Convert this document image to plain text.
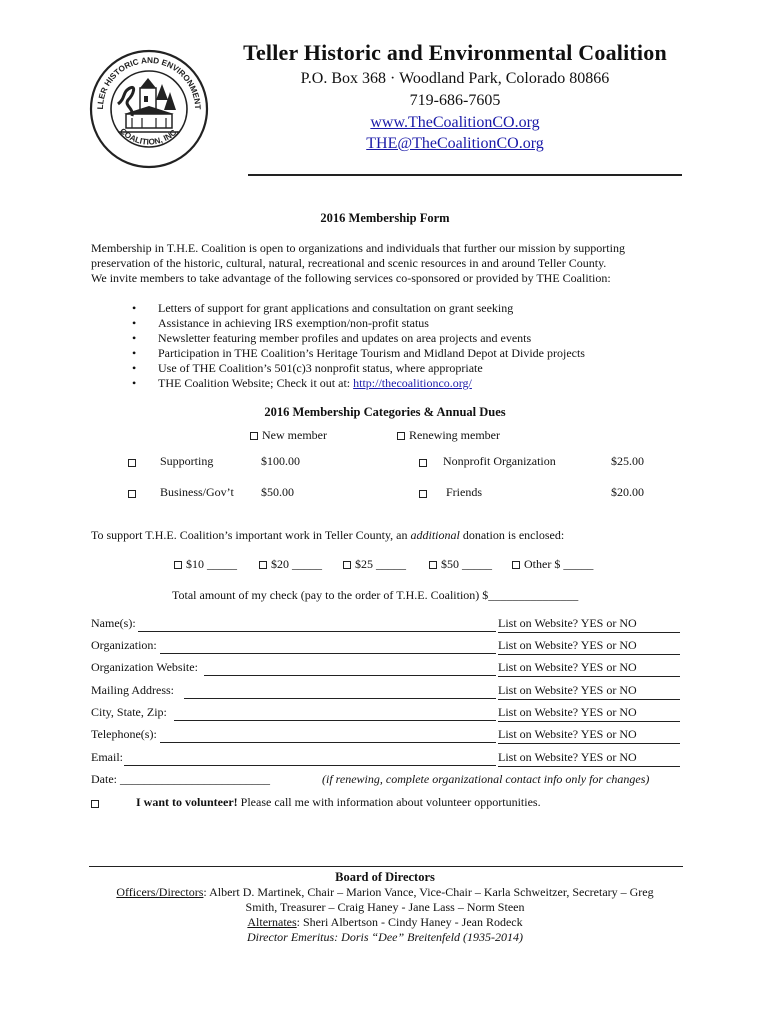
LLER HISTORIC AND ENVIRONMENT
COALITION, INC.
Teller Historic and Environmental Coalition
P.O. Box 368 · Woodland Park, Colorado 80866
719-686-7605
www.TheCoalitionCO.org
THE@TheCoalitionCO.org
2016 Membership Form
Membership in T.H.E. Coalition is open to organizations and individuals that further our mission by supporting
preservation of the historic, cultural, natural, recreational and scenic resources in and around Teller County.
We invite members to take advantage of the following services co-sponsored or provided by THE Coalition:
•	Letters of support for grant applications and consultation on grant seeking
•	Assistance in achieving IRS exemption/non-profit status
•	Newsletter featuring member profiles and updates on area projects and events
•	Participation in THE Coalition’s Heritage Tourism and Midland Depot at Divide projects
•	Use of THE Coalition’s 501(c)3 nonprofit status, where appropriate
•	THE Coalition Website; Check it out at: http://thecoalitionco.org/
2016 Membership Categories & Annual Dues
New member	Renewing member
Supporting	$100.00	Nonprofit Organization	$25.00
Business/Gov’t $50.00	Friends	$20.00
To support T.H.E. Coalition’s important work in Teller County, an additional donation is enclosed:
$10 _____	$20 _____	$25 _____	$50 _____	Other $ _____
Total amount of my check (pay to the order of T.H.E. Coalition) $_______________
Name(s):	List on Website? YES or NO
Organization:	List on Website? YES or NO
Organization Website:	List on Website? YES or NO
Mailing Address:	List on Website? YES or NO
City, State, Zip:	List on Website? YES or NO
Telephone(s):	List on Website? YES or NO
Email:	List on Website? YES or NO
Date: _________________________	(if renewing, complete organizational contact info only for changes)
I want to volunteer! Please call me with information about volunteer opportunities.
Board of Directors
Officers/Directors: Albert D. Martinek, Chair – Marion Vance, Vice-Chair – Karla Schweitzer, Secretary – Greg
Smith, Treasurer – Craig Haney - Jane Lass – Norm Steen
Alternates: Sheri Albertson - Cindy Haney - Jean Rodeck
Director Emeritus: Doris “Dee” Breitenfeld (1935-2014)
